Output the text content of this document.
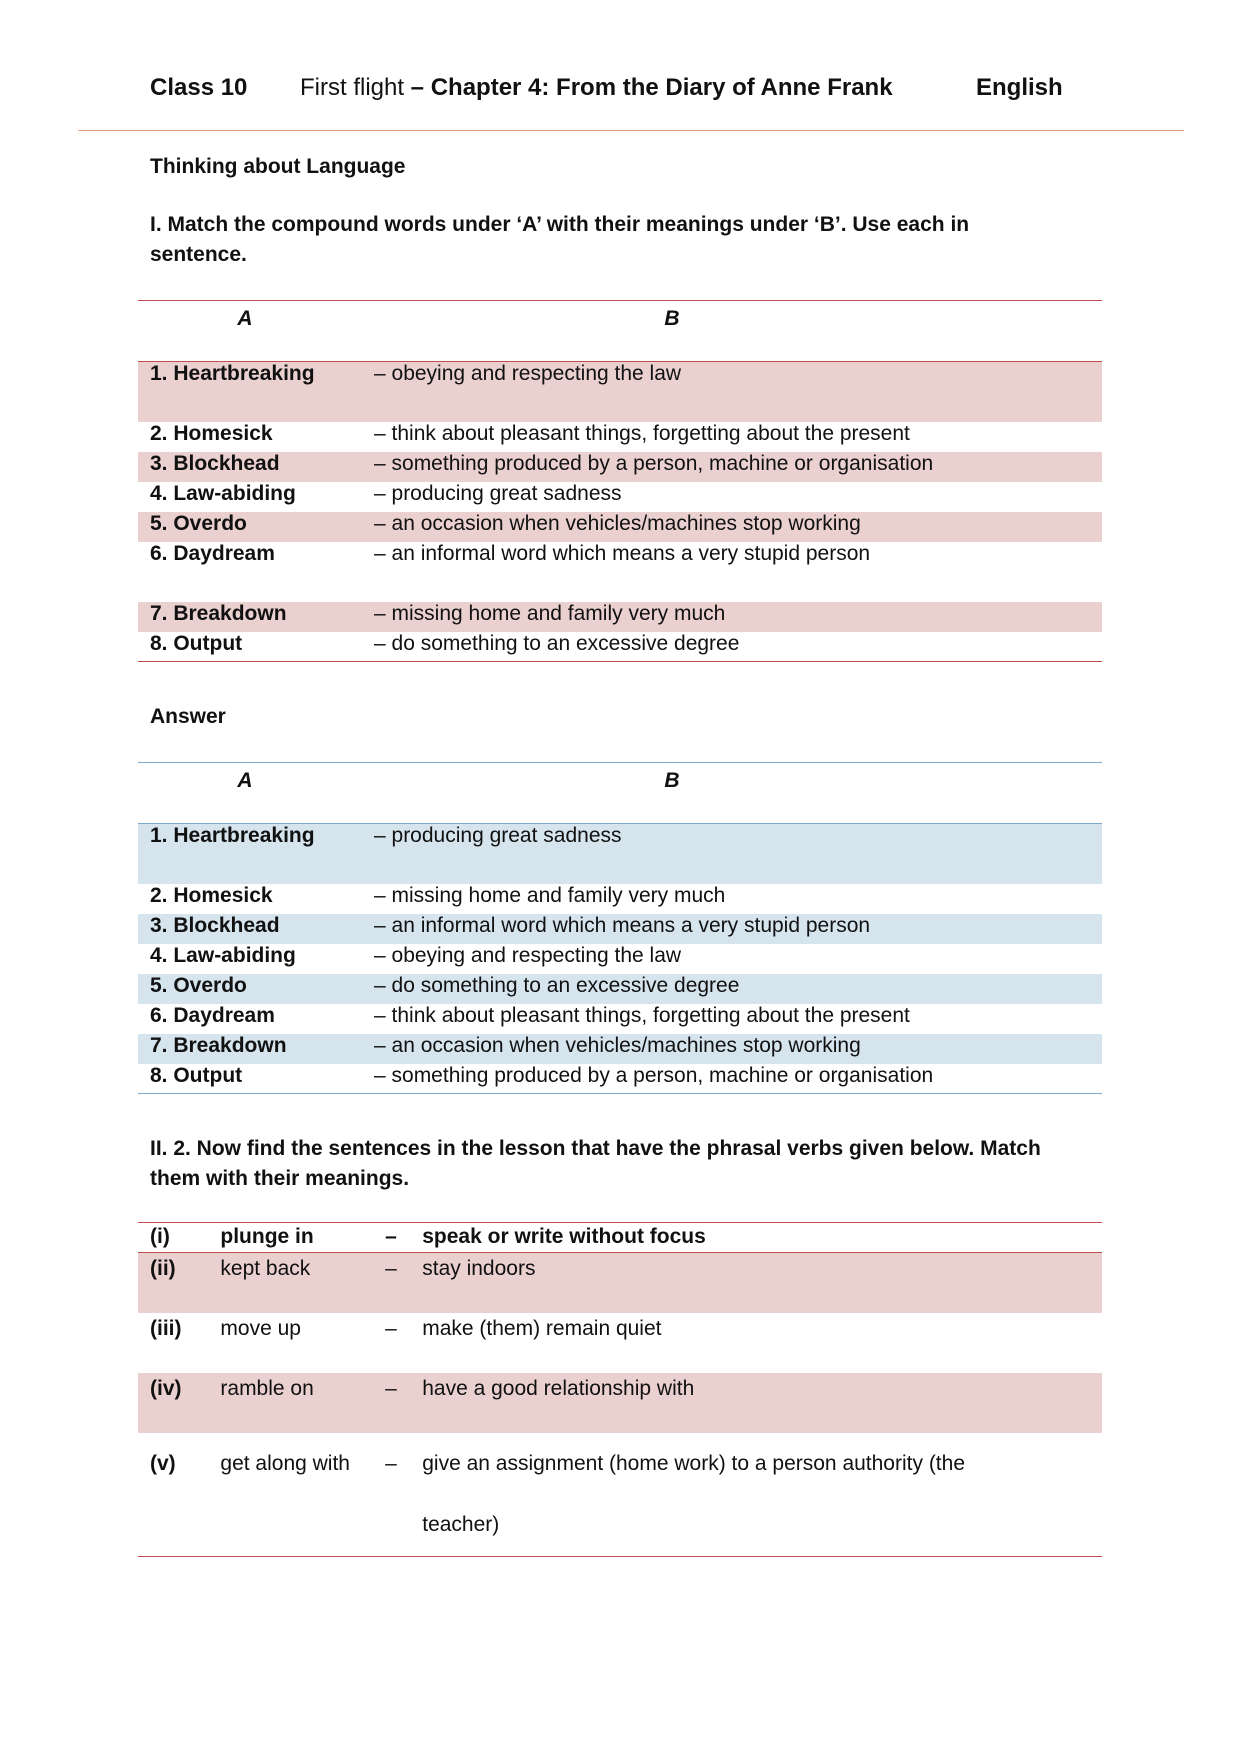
Class 10 First flight – Chapter 4: From the Diary of Anne Frank	English
Thinking about Language
I. Match the compound words under ‘A’ with their meanings under ‘B’. Use each in sentence.
A	B
1. Heartbreaking	– obeying and respecting the law
2. Homesick	– think about pleasant things, forgetting about the present
3. Blockhead	– something produced by a person, machine or organisation
4. Law-abiding	– producing great sadness
5. Overdo	– an occasion when vehicles/machines stop working
6. Daydream	– an informal word which means a very stupid person
7. Breakdown	– missing home and family very much
8. Output	– do something to an excessive degree
Answer
A	B
1. Heartbreaking	– producing great sadness
2. Homesick	– missing home and family very much
3. Blockhead	– an informal word which means a very stupid person
4. Law-abiding	– obeying and respecting the law
5. Overdo	– do something to an excessive degree
6. Daydream	– think about pleasant things, forgetting about the present
7. Breakdown	– an occasion when vehicles/machines stop working
8. Output	– something produced by a person, machine or organisation
II. 2. Now find the sentences in the lesson that have the phrasal verbs given below. Match them with their meanings.
(i)	plunge in	–	speak or write without focus
(ii)	kept back	–	stay indoors
(iii)	move up	–	make (them) remain quiet
(iv)	ramble on	–	have a good relationship with
(v)	get along with	–	give an assignment (home work) to a person authority (the teacher)
